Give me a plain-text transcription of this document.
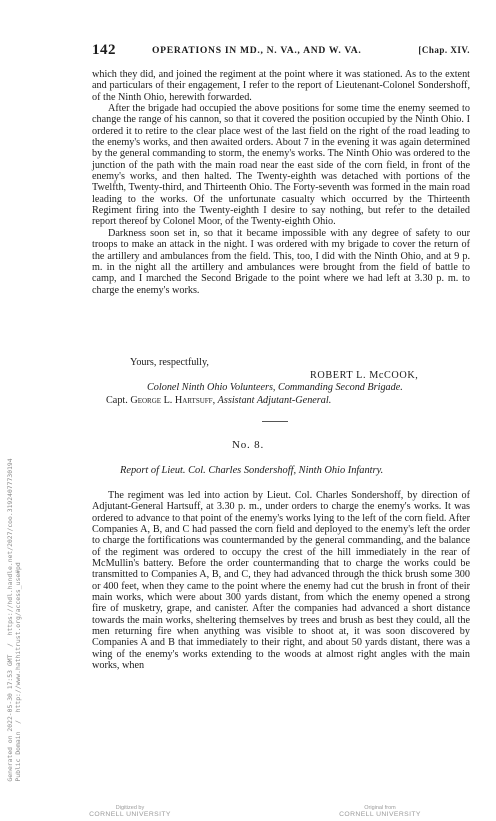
142	OPERATIONS IN MD., N. VA., AND W. VA.	[Chap. XIV.

which they did, and joined the regiment at the point where it was stationed. As to the extent and particulars of their engagement, I refer to the report of Lieutenant-Colonel Sondershoff, of the Ninth Ohio, herewith forwarded.

After the brigade had occupied the above positions for some time the enemy seemed to change the range of his cannon, so that it covered the position occupied by the Ninth Ohio. I ordered it to retire to the clear place west of the last field on the right of the road leading to the enemy's works, and then awaited orders. About 7 in the evening it was again determined by the general commanding to storm, the enemy's works. The Ninth Ohio was ordered to the junction of the path with the main road near the east side of the corn field, in front of the enemy's works, and then halted. The Twenty-eighth was detached with portions of the Twelfth, Twenty-third, and Thirteenth Ohio. The Forty-seventh was formed in the main road leading to the works. Of the unfortunate casualty which occurred by the Thirteenth Regiment firing into the Twenty-eighth I desire to say nothing, but refer to the detailed report thereof by Colonel Moor, of the Twenty-eighth Ohio.

Darkness soon set in, so that it became impossible with any degree of safety to our troops to make an attack in the night. I was ordered with my brigade to cover the return of the artillery and ambulances from the field. This, too, I did with the Ninth Ohio, and at 9 p. m. in the night all the artillery and ambulances were brought from the field of battle to camp, and I marched the Second Brigade to the point where we had left at 3.30 p. m. to charge the enemy's works.

Yours, respectfully,
ROBERT L. McCOOK,
Colonel Ninth Ohio Volunteers, Commanding Second Brigade.
Capt. George L. Hartsuff, Assistant Adjutant-General.
No. 8.
Report of Lieut. Col. Charles Sondershoff, Ninth Ohio Infantry.

The regiment was led into action by Lieut. Col. Charles Sondershoff, by direction of Adjutant-General Hartsuff, at 3.30 p. m., under orders to charge the enemy's works. It was ordered to advance to that point of the enemy's works lying to the left of the corn field. After Companies A, B, and C had passed the corn field and deployed to the enemy's left the order to charge the fortifications was countermanded by the general commanding, and the balance of the regiment was ordered to occupy the crest of the hill immediately in the rear of McMullin's battery. Before the order countermanding that to charge the works could be transmitted to Companies A, B, and C, they had advanced through the thick brush some 300 or 400 feet, when they came to the point where the enemy had cut the brush in front of their main works, which were about 300 yards distant, from which the enemy opened a strong fire of musketry, grape, and canister. After the companies had advanced a short distance towards the main works, sheltering themselves by trees and brush as best they could, all the men returning fire when anything was visible to shoot at, it was soon discovered by Companies A and B that immediately to their right, and about 50 yards distant, there was a wing of the enemy's works extending to the woods at almost right angles with the main works, when

Generated on 2022-05-30 17:53 GMT  /  https://hdl.handle.net/2027/coo.31924077730194
Public Domain  /  http://www.hathitrust.org/access_use#pd
Digitized by
CORNELL UNIVERSITY
Original from
CORNELL UNIVERSITY
